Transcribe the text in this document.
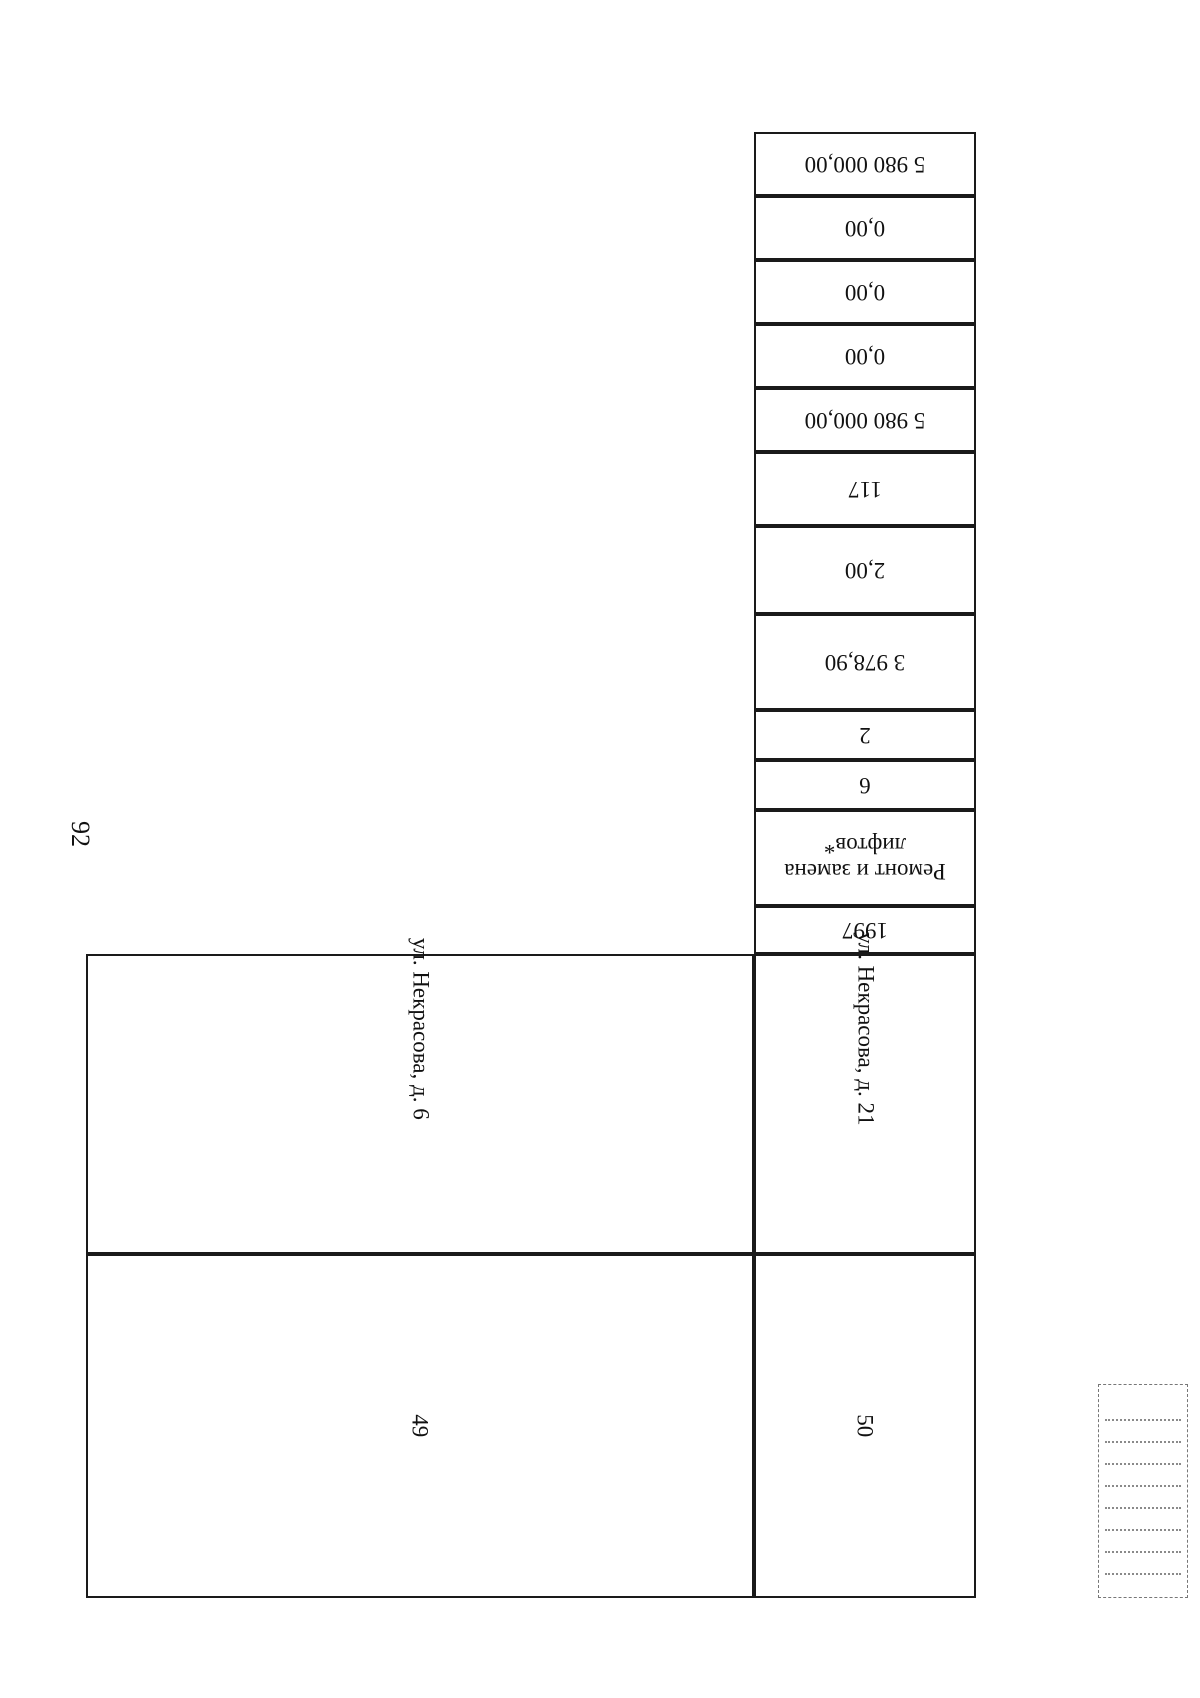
92
50
ул. Некрасова, д. 21
1997
Ремонт и замена лифтов*
6
2
3 978,90
2,00
117
5 980 000,00
0,00
0,00
0,00
5 980 000,00
49
ул. Некрасова, д. 6
